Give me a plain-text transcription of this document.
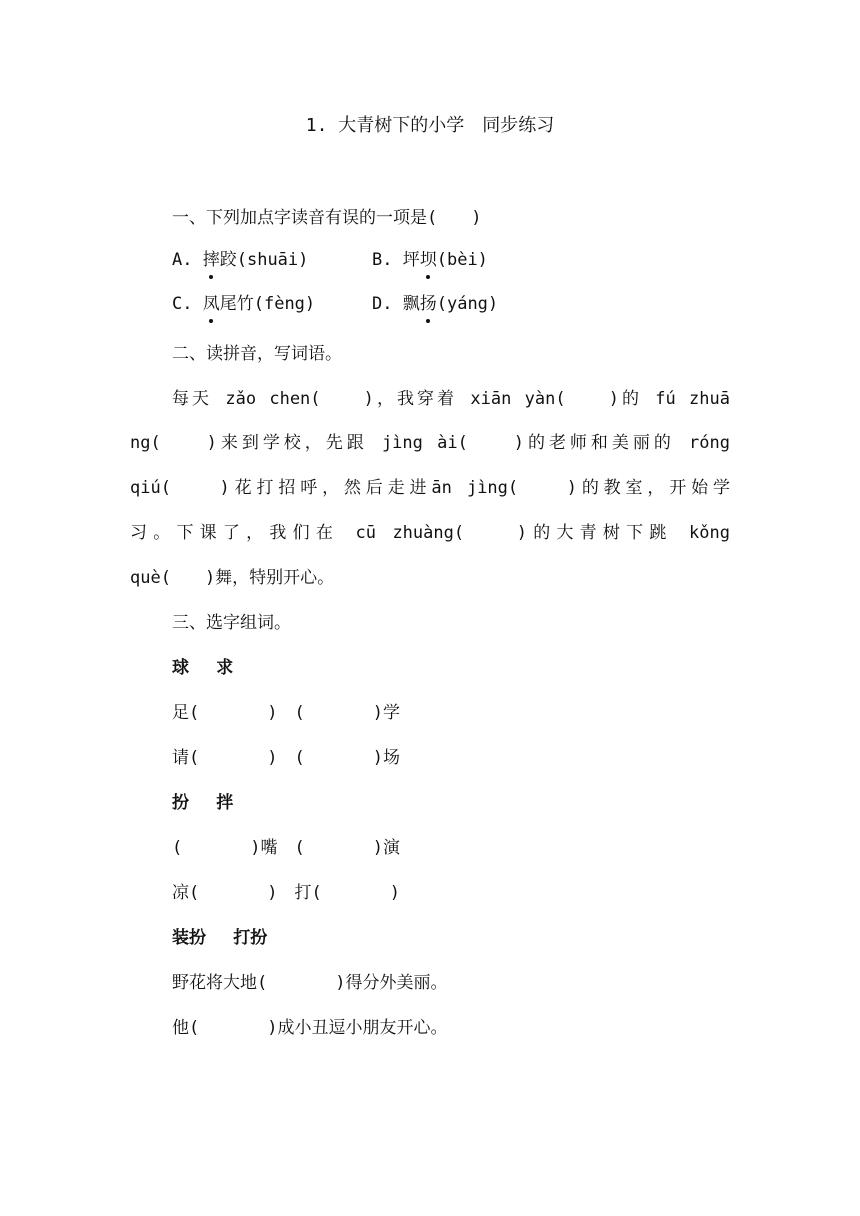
1. 大青树下的小学　同步练习
一、下列加点字读音有误的一项是(　　)
A. 摔跤(shuāi)	B. 坪坝(bèi)
C. 凤尾竹(fèng)	D. 飘扬(yáng)
二、读拼音，写词语。
每天 zǎo chen(　　)，我穿着 xiān yàn(　　)的 fú zhuā
ng(　　)来到学校，先跟 jìng ài(　　)的老师和美丽的 róng
qiú(　　)花打招呼，然后走进ān jìng(　　)的教室，开始学
习。下课了，我们在 cū zhuàng(　　)的大青树下跳 kǒng
què(　　)舞，特别开心。
三、选字组词。
球　 求
足(　　　　)　(　　　　)学
请(　　　　)　(　　　　)场
扮　 拌
(　　　　)嘴　(　　　　)演
凉(　　　　)　打(　　　　)
装扮　 打扮
野花将大地(　　　　)得分外美丽。
他(　　　　)成小丑逗小朋友开心。
